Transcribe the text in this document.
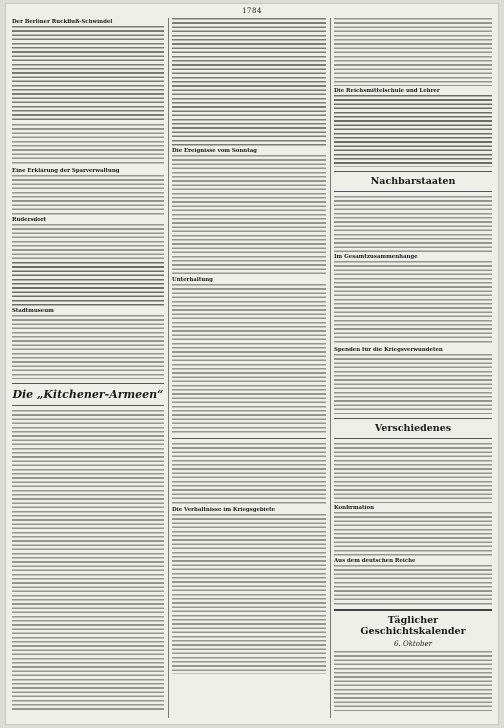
1784
Der Berliner Rückfluß-Schwindel
Eine Erklärung der Sparverwaltung
Rüdersdorf
Stadtmuseum
Die „Kitchener-Armeen“
Die Ereignisse vom Sonntag
Unterhaltung
Die Verhältnisse im Kriegsgebiete
Die Reichsmittelschule und Lehrer
Nachbarstaaten
Im Gesamtzusammenhange
Spenden für die Kriegsverwundeten
Verschiedenes
Konfirmation
Aus dem deutschen Reiche
Täglicher Geschichtskalender
6. Oktober
